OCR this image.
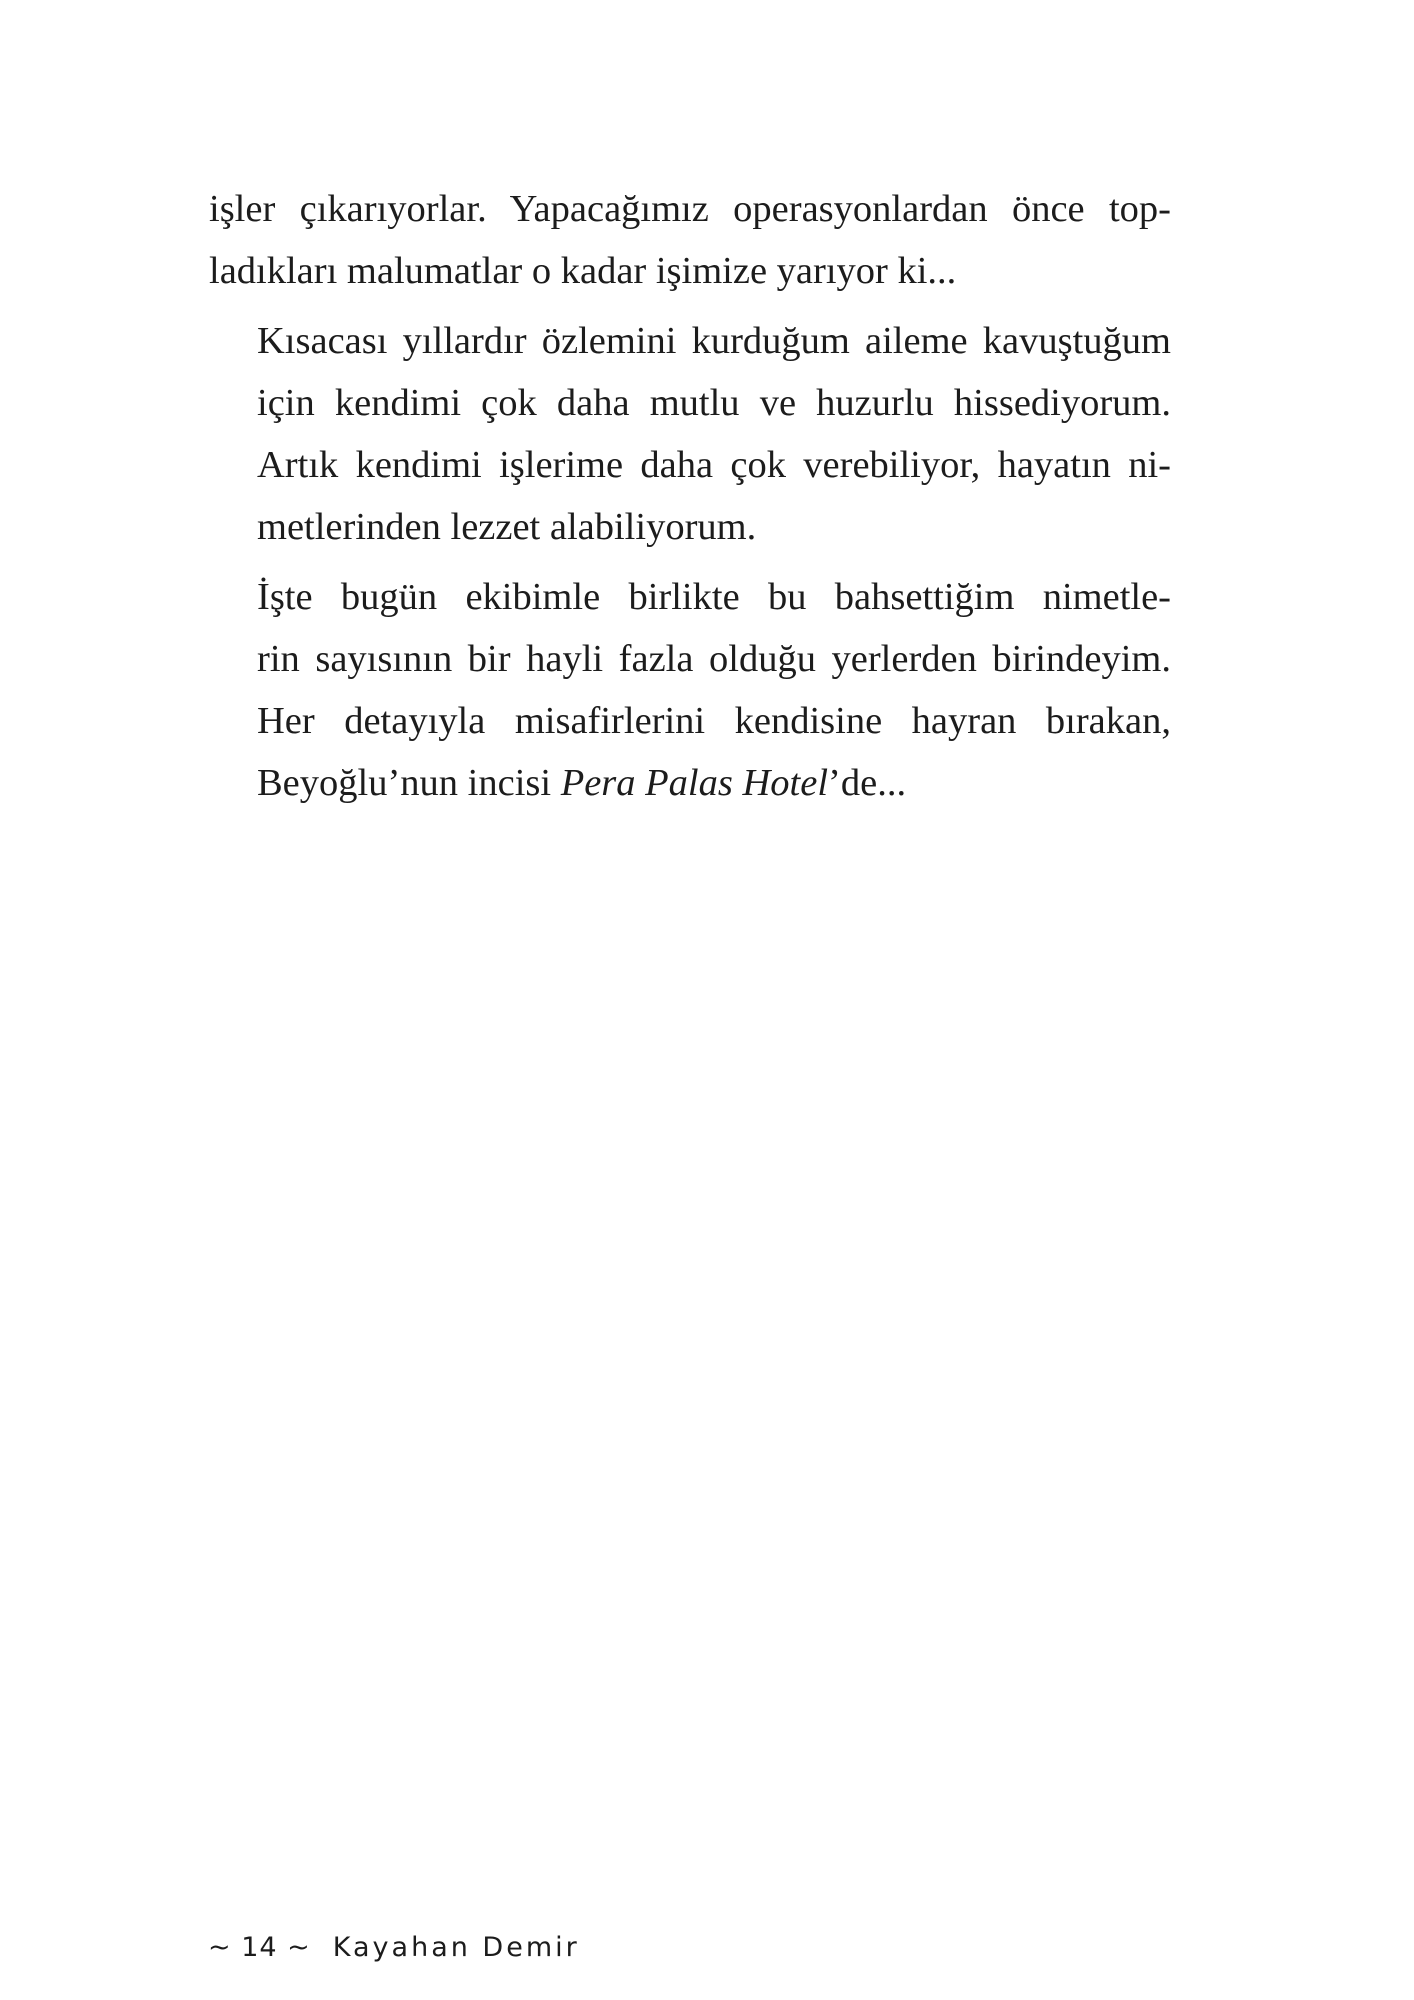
işler çıkarıyorlar. Yapacağımız operasyonlardan önce top-
ladıkları malumatlar o kadar işimize yarıyor ki...

Kısacası yıllardır özlemini kurduğum aileme kavuştuğum
için kendimi çok daha mutlu ve huzurlu hissediyorum.
Artık kendimi işlerime daha çok verebiliyor, hayatın ni-
metlerinden lezzet alabiliyorum.

İşte bugün ekibimle birlikte bu bahsettiğim nimetle-
rin sayısının bir hayli fazla olduğu yerlerden birindeyim.
Her detayıyla misafirlerini kendisine hayran bırakan,
Beyoğlu’nun incisi Pera Palas Hotel’de...

~ 14 ~ Kayahan Demir
